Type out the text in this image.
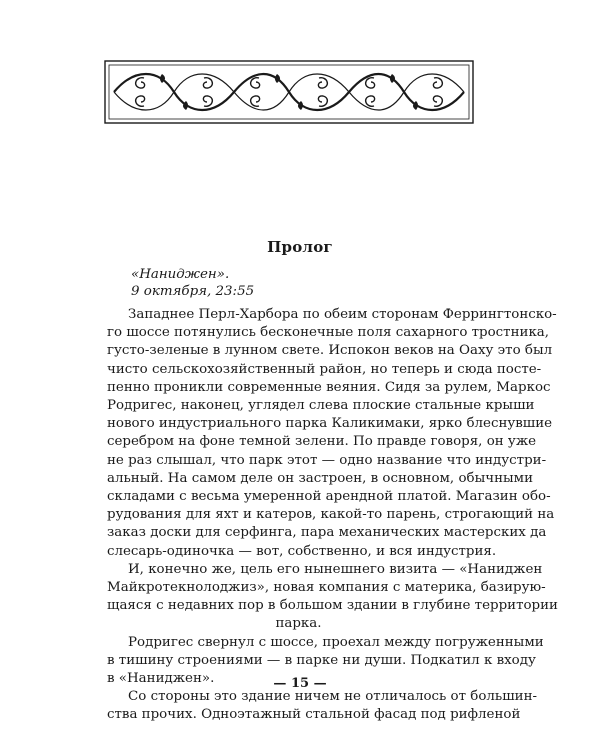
Пролог
«Наниджен».
9 октября, 23:55
Западнее Перл-Харбора по обеим сторонам Феррингтонско-
го шоссе потянулись бесконечные поля сахарного тростника,
густо-зеленые в лунном свете. Испокон веков на Оаху это был
чисто сельскохозяйственный район, но теперь и сюда посте-
пенно проникли современные веяния. Сидя за рулем, Маркос
Родригес, наконец, углядел слева плоские стальные крыши
нового индустриального парка Каликимаки, ярко блеснувшие
серебром на фоне темной зелени. По правде говоря, он уже
не раз слышал, что парк этот — одно название что индустри-
альный. На самом деле он застроен, в основном, обычными
складами с весьма умеренной арендной платой. Магазин обо-
рудования для яхт и катеров, какой-то парень, строгающий на
заказ доски для серфинга, пара механических мастерских да
слесарь-одиночка — вот, собственно, и вся индустрия.
И, конечно же, цель его нынешнего визита — «Наниджен
Майкротекнолоджиз», новая компания с материка, базирую-
щаяся с недавних пор в большом здании в глубине территории
парка.
Родригес свернул с шоссе, проехал между погруженными
в тишину строениями — в парке ни души. Подкатил к входу
в «Наниджен».
Со стороны это здание ничем не отличалось от большин-
ства прочих. Одноэтажный стальной фасад под рифленой
— 15 —
